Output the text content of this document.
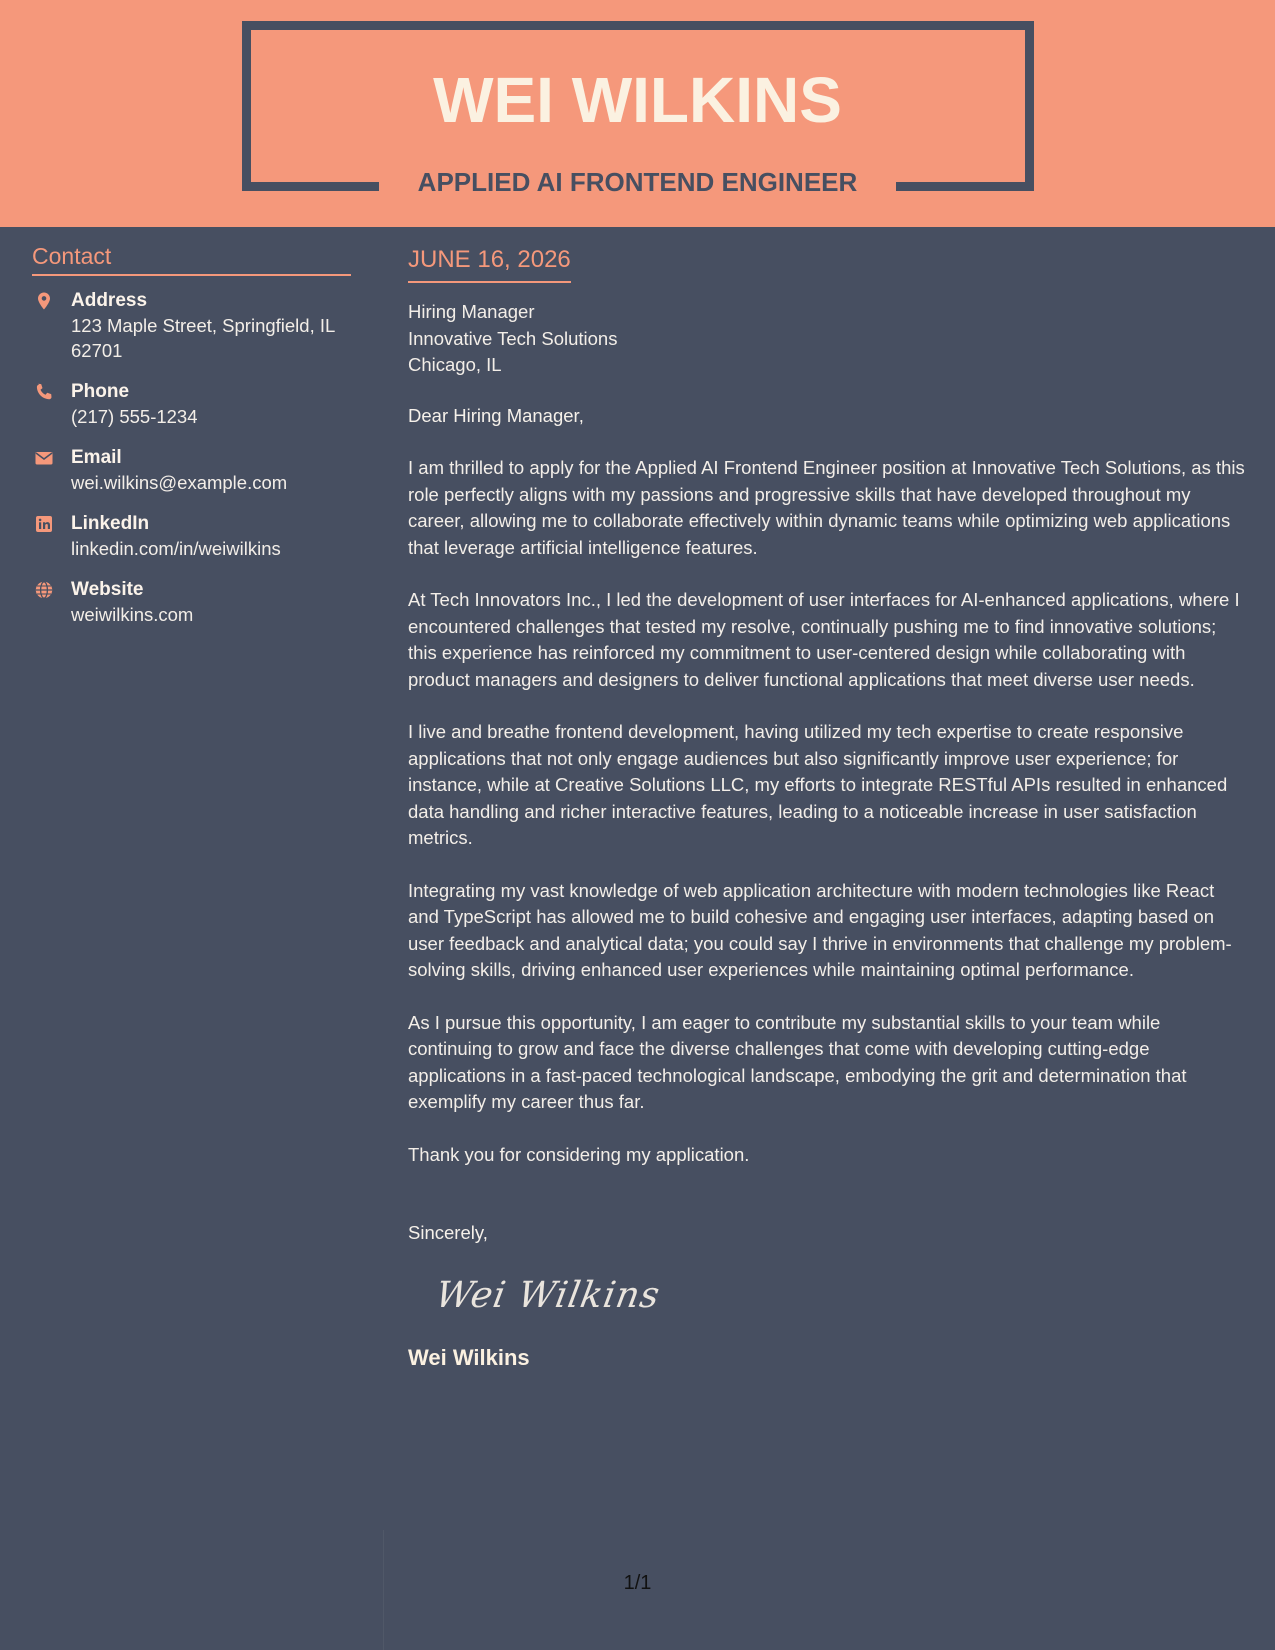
WEI WILKINS
APPLIED AI FRONTEND ENGINEER
Contact
Address
123 Maple Street, Springfield, IL 62701
Phone
(217) 555-1234
Email
wei.wilkins@example.com
LinkedIn
linkedin.com/in/weiwilkins
Website
weiwilkins.com
JUNE 16, 2026
Hiring Manager
Innovative Tech Solutions
Chicago, IL
Dear Hiring Manager,
I am thrilled to apply for the Applied AI Frontend Engineer position at Innovative Tech Solutions, as this role perfectly aligns with my passions and progressive skills that have developed throughout my career, allowing me to collaborate effectively within dynamic teams while optimizing web applications that leverage artificial intelligence features.
At Tech Innovators Inc., I led the development of user interfaces for AI-enhanced applications, where I encountered challenges that tested my resolve, continually pushing me to find innovative solutions; this experience has reinforced my commitment to user-centered design while collaborating with product managers and designers to deliver functional applications that meet diverse user needs.
I live and breathe frontend development, having utilized my tech expertise to create responsive applications that not only engage audiences but also significantly improve user experience; for instance, while at Creative Solutions LLC, my efforts to integrate RESTful APIs resulted in enhanced data handling and richer interactive features, leading to a noticeable increase in user satisfaction metrics.
Integrating my vast knowledge of web application architecture with modern technologies like React and TypeScript has allowed me to build cohesive and engaging user interfaces, adapting based on user feedback and analytical data; you could say I thrive in environments that challenge my problem-solving skills, driving enhanced user experiences while maintaining optimal performance.
As I pursue this opportunity, I am eager to contribute my substantial skills to your team while continuing to grow and face the diverse challenges that come with developing cutting-edge applications in a fast-paced technological landscape, embodying the grit and determination that exemplify my career thus far.
Thank you for considering my application.
Sincerely,
Wei Wilkins
Wei Wilkins
1/1
